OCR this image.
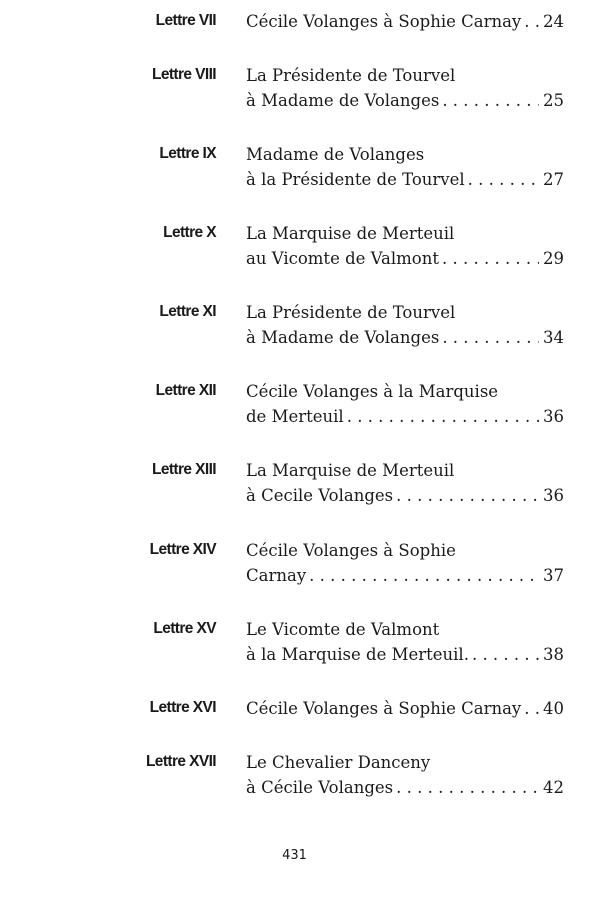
Lettre VII Cécile Volanges à Sophie Carnay . . . 24
Lettre VIII La Présidente de Tourvel
à Madame de Volanges . . .	25
Lettre IX Madame de Volanges
à la Présidente de Tourvel . . .	27
Lettre X La Marquise de Merteuil
au Vicomte de Valmont . . .	29
Lettre XI La Présidente de Tourvel
à Madame de Volanges . . .	34
Lettre XII Cécile Volanges à la Marquise
de Merteuil . . .	36
Lettre XIII La Marquise de Merteuil
à Cecile Volanges . . .	36
Lettre XIV Cécile Volanges à Sophie
Carnay . . .	37
Lettre XV Le Vicomte de Valmont
à la Marquise de Merteuil. . . .	38
Lettre XVI Cécile Volanges à Sophie Carnay . . . 40
Lettre XVII Le Chevalier Danceny
à Cécile Volanges . . .	42
431
